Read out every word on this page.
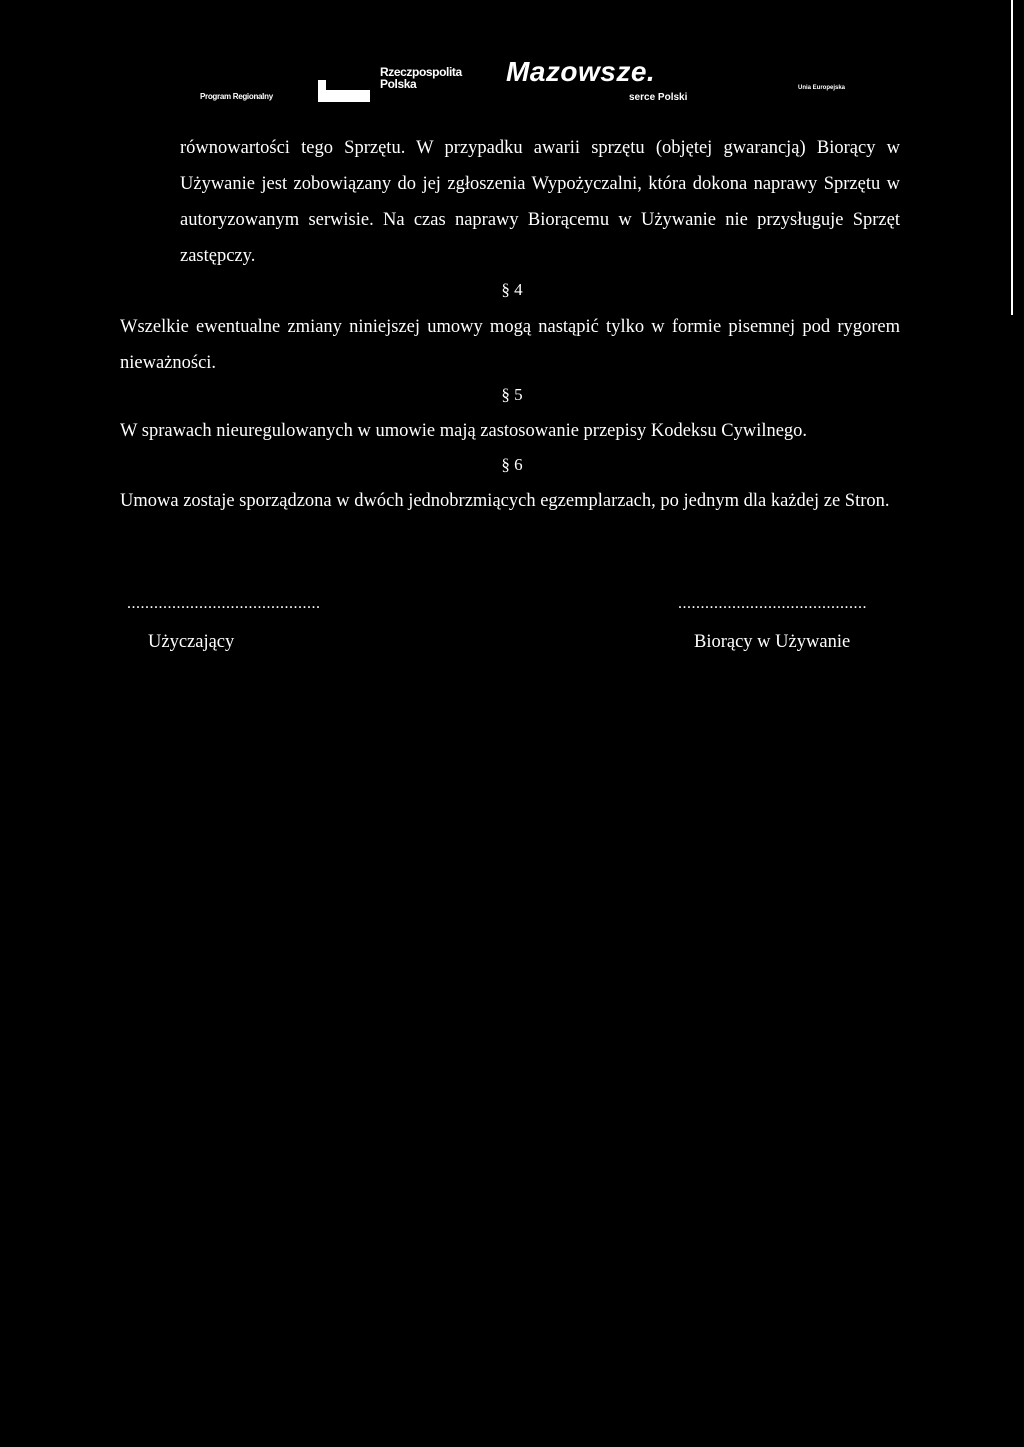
Program Regionalny
Rzeczpospolita
Polska	Mazowsze.
serce Polski
Unia Europejska
równowartości tego Sprzętu. W przypadku awarii sprzętu (objętej gwarancją) Biorący w Używanie jest zobowiązany do jej zgłoszenia Wypożyczalni, która dokona naprawy Sprzętu w autoryzowanym serwisie. Na czas naprawy Biorącemu w Używanie nie przysługuje Sprzęt zastępczy.
§ 4
Wszelkie ewentualne zmiany niniejszej umowy mogą nastąpić tylko w formie pisemnej pod rygorem nieważności.
§ 5
W sprawach nieuregulowanych w umowie mają zastosowanie przepisy Kodeksu Cywilnego.
§ 6
Umowa zostaje sporządzona w dwóch jednobrzmiących egzemplarzach, po jednym dla każdej ze Stron.
...........................................	..........................................
Użyczający	Biorący w Używanie
